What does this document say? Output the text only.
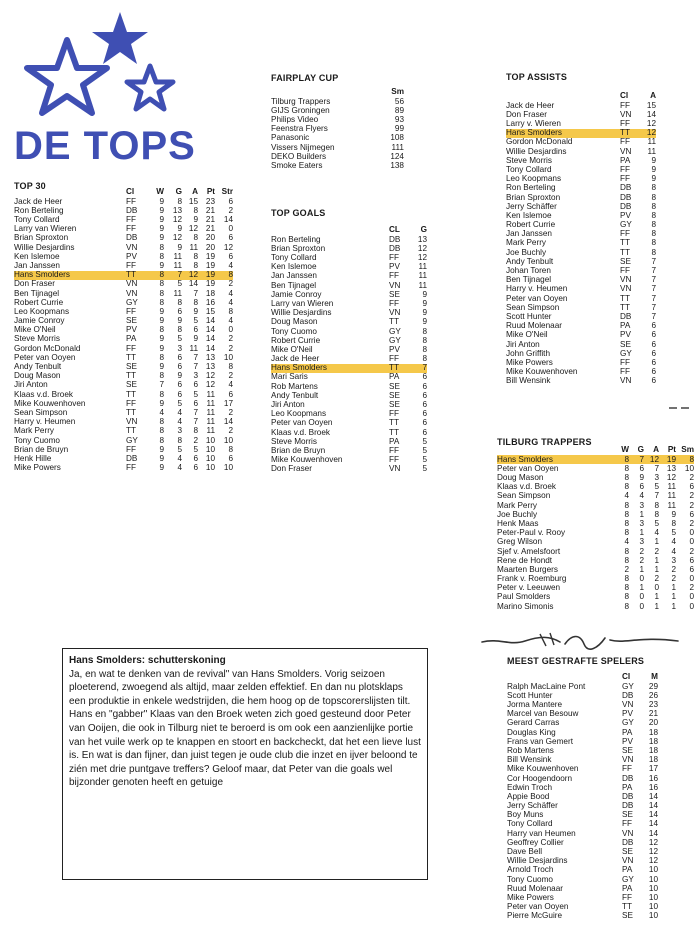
DE TOPS
TOP 30
	Cl	W	G	A	Pt	Str
Jack de Heer	FF	9	8	15	23	6
Ron Berteling	DB	9	13	8	21	2
Tony Collard	FF	9	12	9	21	14
Larry van Wieren	FF	9	9	12	21	0
Brian Sproxton	DB	9	12	8	20	6
Willie Desjardins	VN	8	9	11	20	12
Ken Islemoe	PV	8	11	8	19	6
Jan Janssen	FF	9	11	8	19	4
Hans Smolders	TT	8	7	12	19	8
Don Fraser	VN	8	5	14	19	2
Ben Tijnagel	VN	8	11	7	18	4
Robert Currie	GY	8	8	8	16	4
Leo Koopmans	FF	9	6	9	15	8
Jamie Conroy	SE	9	9	5	14	4
Mike O'Neil	PV	8	8	6	14	0
Steve Morris	PA	9	5	9	14	2
Gordon McDonald	FF	9	3	11	14	2
Peter van Ooyen	TT	8	6	7	13	10
Andy Tenbult	SE	9	6	7	13	8
Doug Mason	TT	8	9	3	12	2
Jiri Anton	SE	7	6	6	12	4
Klaas v.d. Broek	TT	8	6	5	11	6
Mike Kouwenhoven	FF	9	5	6	11	17
Sean Simpson	TT	4	4	7	11	2
Harry v. Heumen	VN	8	4	7	11	14
Mark Perry	TT	8	3	8	11	2
Tony Cuomo	GY	8	8	2	10	10
Brian de Bruyn	FF	9	5	5	10	8
Henk Hille	DB	9	4	6	10	6
Mike Powers	FF	9	4	6	10	10
FAIRPLAY CUP
	Sm
Tilburg Trappers	56
GIJS Groningen	89
Philips Video	93
Feenstra Flyers	99
Panasonic	108
Vissers Nijmegen	111
DEKO Builders	124
Smoke Eaters	138
TOP GOALS
	CL	G
Ron Berteling	DB	13
Brian Sproxton	DB	12
Tony Collard	FF	12
Ken Islemoe	PV	11
Jan Janssen	FF	11
Ben Tijnagel	VN	11
Jamie Conroy	SE	9
Larry van Wieren	FF	9
Willie Desjardins	VN	9
Doug Mason	TT	9
Tony Cuomo	GY	8
Robert Currie	GY	8
Mike O'Neil	PV	8
Jack de Heer	FF	8
Hans Smolders	TT	7
Mari Saris	PA	6
Rob Martens	SE	6
Andy Tenbult	SE	6
Jiri Anton	SE	6
Leo Koopmans	FF	6
Peter van Ooyen	TT	6
Klaas v.d. Broek	TT	6
Steve Morris	PA	5
Brian de Bruyn	FF	5
Mike Kouwenhoven	FF	5
Don Fraser	VN	5
TOP ASSISTS
	Cl	A
Jack de Heer	FF	15
Don Fraser	VN	14
Larry v. Wieren	FF	12
Hans Smolders	TT	12
Gordon McDonald	FF	11
Willie Desjardins	VN	11
Steve Morris	PA	9
Tony Collard	FF	9
Leo Koopmans	FF	9
Ron Berteling	DB	8
Brian Sproxton	DB	8
Jerry Schäffer	DB	8
Ken Islemoe	PV	8
Robert Currie	GY	8
Jan Janssen	FF	8
Mark Perry	TT	8
Joe Buchly	TT	8
Andy Tenbult	SE	7
Johan Toren	FF	7
Ben Tijnagel	VN	7
Harry v. Heumen	VN	7
Peter van Ooyen	TT	7
Sean Simpson	TT	7
Scott Hunter	DB	7
Ruud Molenaar	PA	6
Mike O'Neil	PV	6
Jiri Anton	SE	6
John Griffith	GY	6
Mike Powers	FF	6
Mike Kouwenhoven	FF	6
Bill Wensink	VN	6
TILBURG TRAPPERS
	W	G	A	Pt	Sm
Hans Smolders	8	7	12	19	8
Peter van Ooyen	8	6	7	13	10
Doug Mason	8	9	3	12	2
Klaas v.d. Broek	8	6	5	11	6
Sean Simpson	4	4	7	11	2
Mark Perry	8	3	8	11	2
Joe Buchly	8	1	8	9	6
Henk Maas	8	3	5	8	2
Peter-Paul v. Rooy	8	1	4	5	0
Greg Wilson	4	3	1	4	0
Sjef v. Amelsfoort	8	2	2	4	2
Rene de Hondt	8	2	1	3	6
Maarten Burgers	2	1	1	2	6
Frank v. Roemburg	8	0	2	2	0
Peter v. Leeuwen	8	1	0	1	2
Paul Smolders	8	0	1	1	0
Marino Simonis	8	0	1	1	0
MEEST GESTRAFTE SPELERS
	Cl	M
Ralph MacLaine Pont	GY	29
Scott Hunter	DB	26
Jorma Mantere	VN	23
Marcel van Besouw	PV	21
Gerard Carras	GY	20
Douglas King	PA	18
Frans van Gemert	PV	18
Rob Martens	SE	18
Bill Wensink	VN	18
Mike Kouwenhoven	FF	17
Cor Hoogendoorn	DB	16
Edwin Troch	PA	16
Appie Bood	DB	14
Jerry Schäffer	DB	14
Boy Muns	SE	14
Tony Collard	FF	14
Harry van Heumen	VN	14
Geoffrey Collier	DB	12
Dave Bell	SE	12
Willie Desjardins	VN	12
Arnold Troch	PA	10
Tony Cuomo	GY	10
Ruud Molenaar	PA	10
Mike Powers	FF	10
Peter van Ooyen	TT	10
Pierre McGuire	SE	10
Hans Smolders: schutterskoning
Ja, en wat te denken van de revival" van Hans Smolders. Vorig seizoen ploeterend, zwoegend als altijd, maar zelden effektief. En dan nu plotsklaps een produktie in enkele wedstrijden, die hem hoog op de topscorerslijsten tilt. Hans en "gabber" Klaas van den Broek weten zich goed gesteund door Peter van Ooijen, die ook in Tilburg niet te beroerd is om ook een aanzienlijke portie van het vuile werk op te knappen en stoort en backcheckt, dat het een lieve lust is. En wat is dan fijner, dan juist tegen je oude club die inzet en ijver beloond te zién met drie puntgave treffers? Geloof maar, dat Peter van die goals wel bijzonder genoten heeft en getuige
